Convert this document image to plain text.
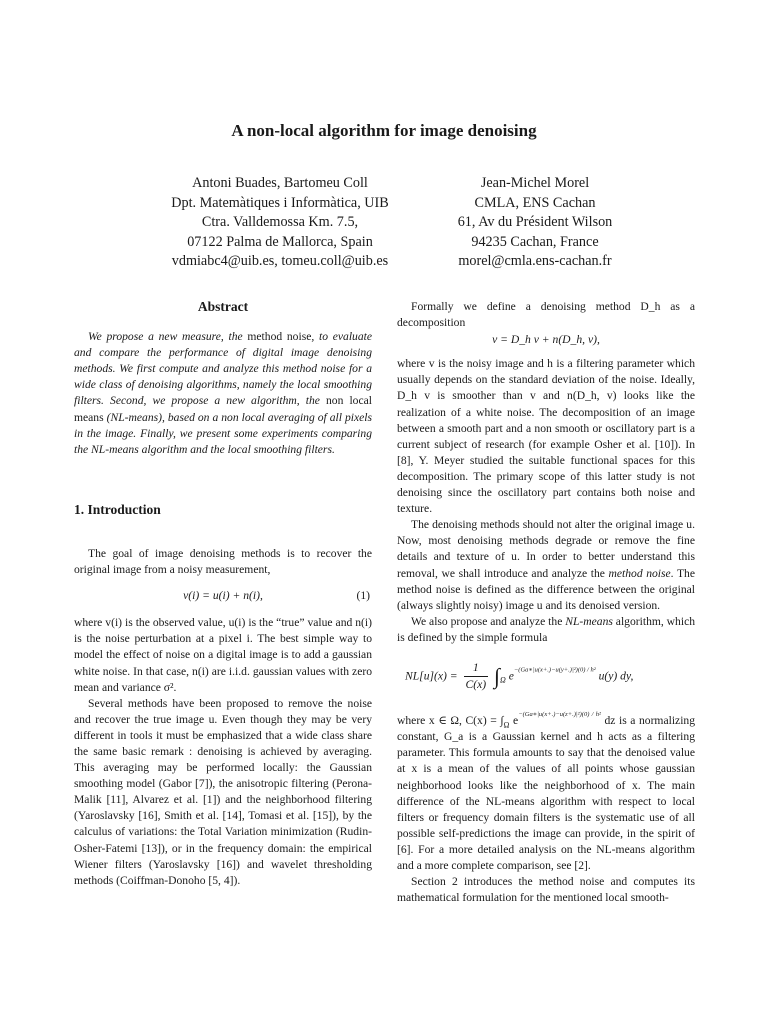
A non-local algorithm for image denoising
Antoni Buades, Bartomeu Coll
Dpt. Matemàtiques i Informàtica, UIB
Ctra. Valldemossa Km. 7.5,
07122 Palma de Mallorca, Spain
vdmiabc4@uib.es, tomeu.coll@uib.es
Jean-Michel Morel
CMLA, ENS Cachan
61, Av du Président Wilson
94235 Cachan, France
morel@cmla.ens-cachan.fr
Abstract

We propose a new measure, the method noise, to evaluate and compare the performance of digital image denoising methods. We first compute and analyze this method noise for a wide class of denoising algorithms, namely the local smoothing filters. Second, we propose a new algorithm, the non local means (NL-means), based on a non local averaging of all pixels in the image. Finally, we present some experiments comparing the NL-means algorithm and the local smoothing filters.

1. Introduction

The goal of image denoising methods is to recover the original image from a noisy measurement,

v(i) = u(i) + n(i),	(1)

where v(i) is the observed value, u(i) is the “true” value and n(i) is the noise perturbation at a pixel i. The best simple way to model the effect of noise on a digital image is to add a gaussian white noise. In that case, n(i) are i.i.d. gaussian values with zero mean and variance σ².

Several methods have been proposed to remove the noise and recover the true image u. Even though they may be very different in tools it must be emphasized that a wide class share the same basic remark : denoising is achieved by averaging. This averaging may be performed locally: the Gaussian smoothing model (Gabor [7]), the anisotropic filtering (Perona-Malik [11], Alvarez et al. [1]) and the neighborhood filtering (Yaroslavsky [16], Smith et al. [14], Tomasi et al. [15]), by the calculus of variations: the Total Variation minimization (Rudin-Osher-Fatemi [13]), or in the frequency domain: the empirical Wiener filters (Yaroslavsky [16]) and wavelet thresholding methods (Coiffman-Donoho [5, 4]).

Formally we define a denoising method D_h as a decomposition

v = D_h v + n(D_h, v),

where v is the noisy image and h is a filtering parameter which usually depends on the standard deviation of the noise. Ideally, D_h v is smoother than v and n(D_h, v) looks like the realization of a white noise. The decomposition of an image between a smooth part and a non smooth or oscillatory part is a current subject of research (for example Osher et al. [10]). In [8], Y. Meyer studied the suitable functional spaces for this decomposition. The primary scope of this latter study is not denoising since the oscillatory part contains both noise and texture.

The denoising methods should not alter the original image u. Now, most denoising methods degrade or remove the fine details and texture of u. In order to better understand this removal, we shall introduce and analyze the method noise. The method noise is defined as the difference between the original (always slightly noisy) image u and its denoised version.

We also propose and analyze the NL-means algorithm, which is defined by the simple formula

$NL[u](x) = \frac{1}{C(x)} \int_\Omega$ $e^{-(Ga∗|u(x+.)-u(y+.)|^2)(0) / h^2}$ u(y) dy,

where x ∈ Ω, $C(x) = \int_\Omega$ $e^{-(Ga∗|u(x+.)-u(z+.)|^2)(0) / h^2}$ dz is a normalizing constant, G_a is a Gaussian kernel and h acts as a filtering parameter. This formula amounts to say that the denoised value at x is a mean of the values of all points whose gaussian neighborhood looks like the neighborhood of x. The main difference of the NL-means algorithm with respect to local filters or frequency domain filters is the systematic use of all possible self-predictions the image can provide, in the spirit of [6]. For a more detailed analysis on the NL-means algorithm and a more complete comparison, see [2].

Section 2 introduces the method noise and computes its mathematical formulation for the mentioned local smooth-
